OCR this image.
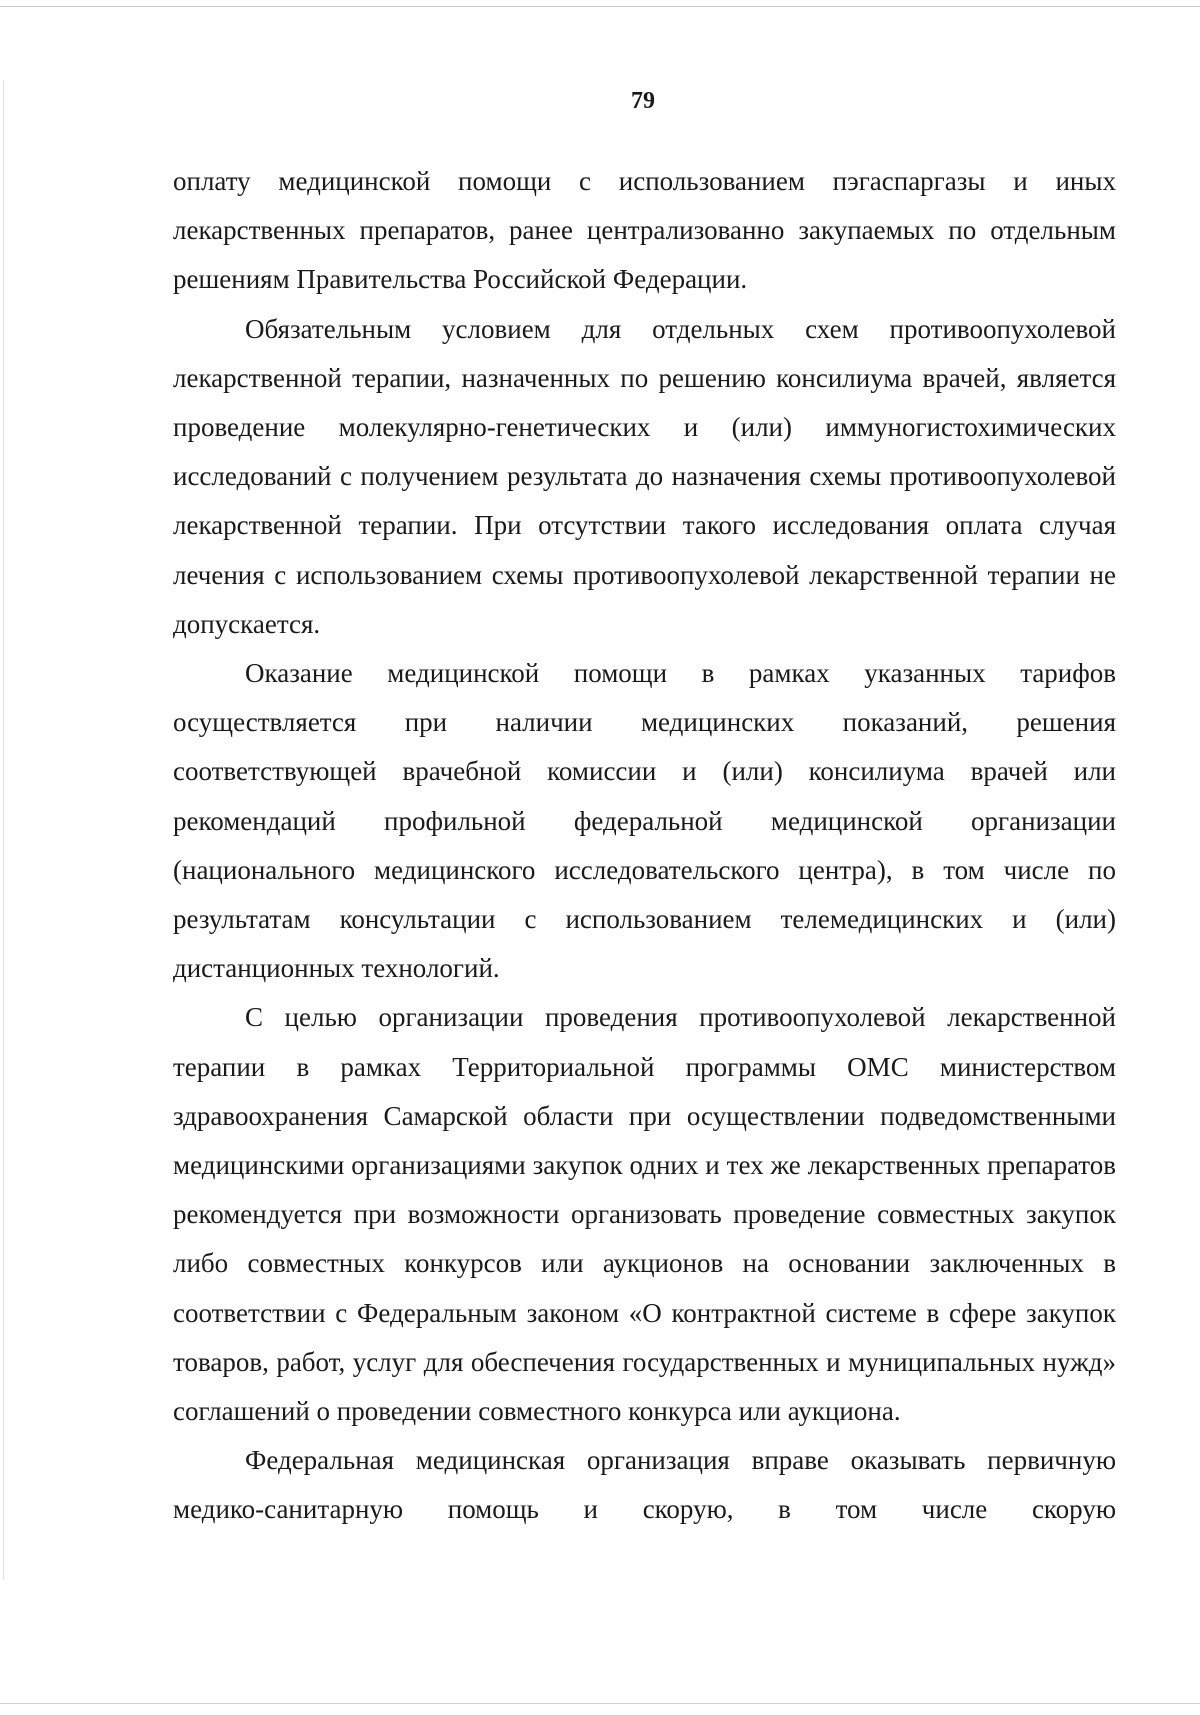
79

оплату медицинской помощи с использованием пэгаспаргазы и иных лекарственных препаратов, ранее централизованно закупаемых по отдельным решениям Правительства Российской Федерации.

Обязательным условием для отдельных схем противоопухолевой лекарственной терапии, назначенных по решению консилиума врачей, является проведение молекулярно-генетических и (или) иммуногистохимических исследований с получением результата до назначения схемы противоопухолевой лекарственной терапии. При отсутствии такого исследования оплата случая лечения с использованием схемы противоопухолевой лекарственной терапии не допускается.

Оказание медицинской помощи в рамках указанных тарифов осуществляется при наличии медицинских показаний, решения соответствующей врачебной комиссии и (или) консилиума врачей или рекомендаций профильной федеральной медицинской организации (национального медицинского исследовательского центра), в том числе по результатам консультации с использованием телемедицинских и (или) дистанционных технологий.

С целью организации проведения противоопухолевой лекарственной терапии в рамках Территориальной программы ОМС министерством здравоохранения Самарской области при осуществлении подведомственными медицинскими организациями закупок одних и тех же лекарственных препаратов рекомендуется при возможности организовать проведение совместных закупок либо совместных конкурсов или аукционов на основании заключенных в соответствии с Федеральным законом «О контрактной системе в сфере закупок товаров, работ, услуг для обеспечения государственных и муниципальных нужд» соглашений о проведении совместного конкурса или аукциона.

Федеральная медицинская организация вправе оказывать первичную медико-санитарную помощь и скорую, в том числе скорую
